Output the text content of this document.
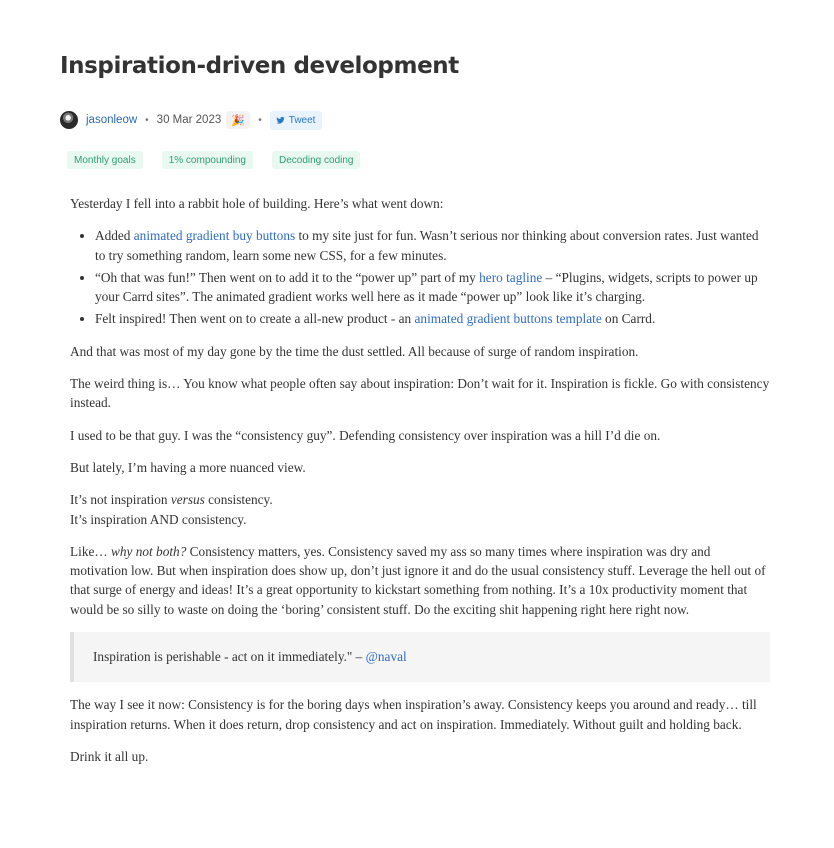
Inspiration-driven development
jasonleow • 30 Mar 2023 🎉	•	Tweet
Monthly goals	1% compounding	Decoding coding

Yesterday I fell into a rabbit hole of building. Here’s what went down:

• Added animated gradient buy buttons to my site just for fun. Wasn’t serious nor thinking about conversion rates. Just wanted to try something random, learn some new CSS, for a few minutes.
• “Oh that was fun!” Then went on to add it to the “power up” part of my hero tagline – “Plugins, widgets, scripts to power up your Carrd sites”. The animated gradient works well here as it made “power up” look like it’s charging.
• Felt inspired! Then went on to create a all-new product - an animated gradient buttons template on Carrd.

And that was most of my day gone by the time the dust settled. All because of surge of random inspiration.

The weird thing is… You know what people often say about inspiration: Don’t wait for it. Inspiration is fickle. Go with consistency instead.

I used to be that guy. I was the “consistency guy”. Defending consistency over inspiration was a hill I’d die on.

But lately, I’m having a more nuanced view.

It’s not inspiration versus consistency.
It’s inspiration AND consistency.

Like… why not both? Consistency matters, yes. Consistency saved my ass so many times where inspiration was dry and motivation low. But when inspiration does show up, don’t just ignore it and do the usual consistency stuff. Leverage the hell out of that surge of energy and ideas! It’s a great opportunity to kickstart something from nothing. It’s a 10x productivity moment that would be so silly to waste on doing the ‘boring’ consistent stuff. Do the exciting shit happening right here right now.

Inspiration is perishable - act on it immediately." – @naval

The way I see it now: Consistency is for the boring days when inspiration’s away. Consistency keeps you around and ready… till inspiration returns. When it does return, drop consistency and act on inspiration. Immediately. Without guilt and holding back.

Drink it all up.
